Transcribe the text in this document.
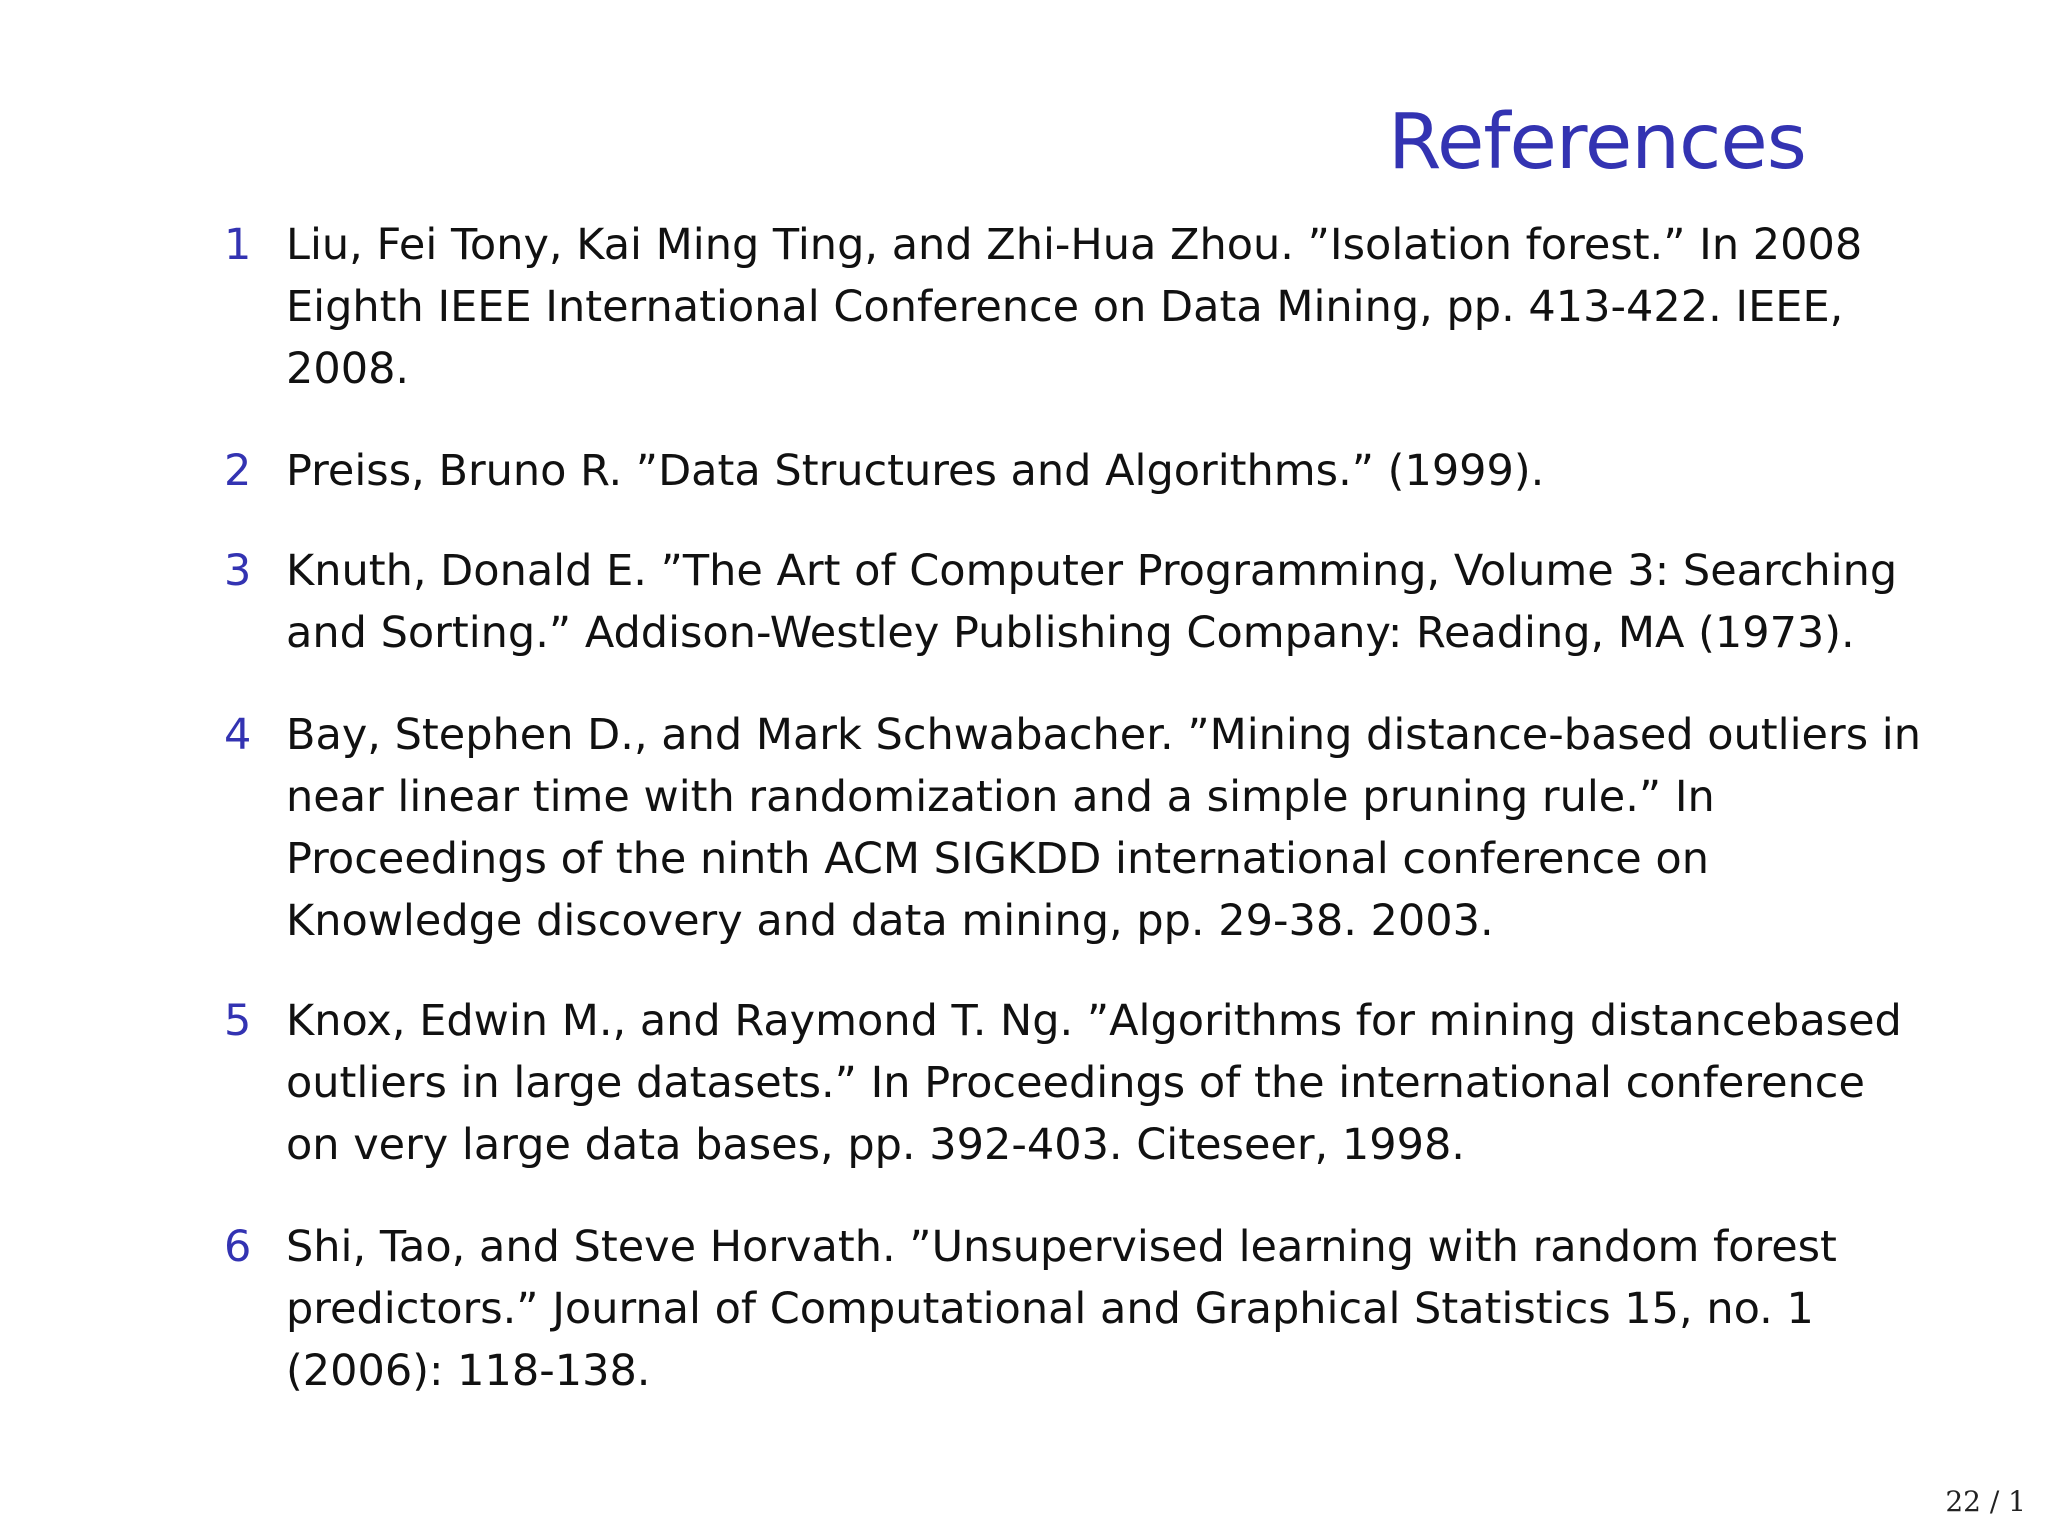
References
1 Liu, Fei Tony, Kai Ming Ting, and Zhi-Hua Zhou. ”Isolation forest.” In 2008 Eighth IEEE International Conference on Data Mining, pp. 413-422. IEEE, 2008.
2 Preiss, Bruno R. ”Data Structures and Algorithms.” (1999).
3 Knuth, Donald E. ”The Art of Computer Programming, Volume 3: Searching and Sorting.” Addison-Westley Publishing Company: Reading, MA (1973).
4 Bay, Stephen D., and Mark Schwabacher. ”Mining distance-based outliers in near linear time with randomization and a simple pruning rule.” In Proceedings of the ninth ACM SIGKDD international conference on Knowledge discovery and data mining, pp. 29-38. 2003.
5 Knox, Edwin M., and Raymond T. Ng. ”Algorithms for mining distancebased outliers in large datasets.” In Proceedings of the international conference on very large data bases, pp. 392-403. Citeseer, 1998.
6 Shi, Tao, and Steve Horvath. ”Unsupervised learning with random forest predictors.” Journal of Computational and Graphical Statistics 15, no. 1 (2006): 118-138.
22 / 1
